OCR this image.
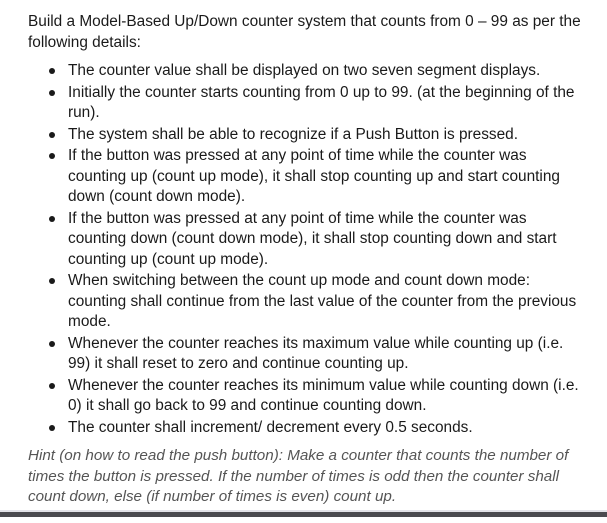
Build a Model-Based Up/Down counter system that counts from 0 – 99 as per the following details:

The counter value shall be displayed on two seven segment displays.
Initially the counter starts counting from 0 up to 99. (at the beginning of the run).
The system shall be able to recognize if a Push Button is pressed.
If the button was pressed at any point of time while the counter was counting up (count up mode), it shall stop counting up and start counting down (count down mode).
If the button was pressed at any point of time while the counter was counting down (count down mode), it shall stop counting down and start counting up (count up mode).
When switching between the count up mode and count down mode: counting shall continue from the last value of the counter from the previous mode.
Whenever the counter reaches its maximum value while counting up (i.e. 99) it shall reset to zero and continue counting up.
Whenever the counter reaches its minimum value while counting down (i.e. 0) it shall go back to 99 and continue counting down.
The counter shall increment/ decrement every 0.5 seconds.

Hint (on how to read the push button): Make a counter that counts the number of times the button is pressed. If the number of times is odd then the counter shall count down, else (if number of times is even) count up.
